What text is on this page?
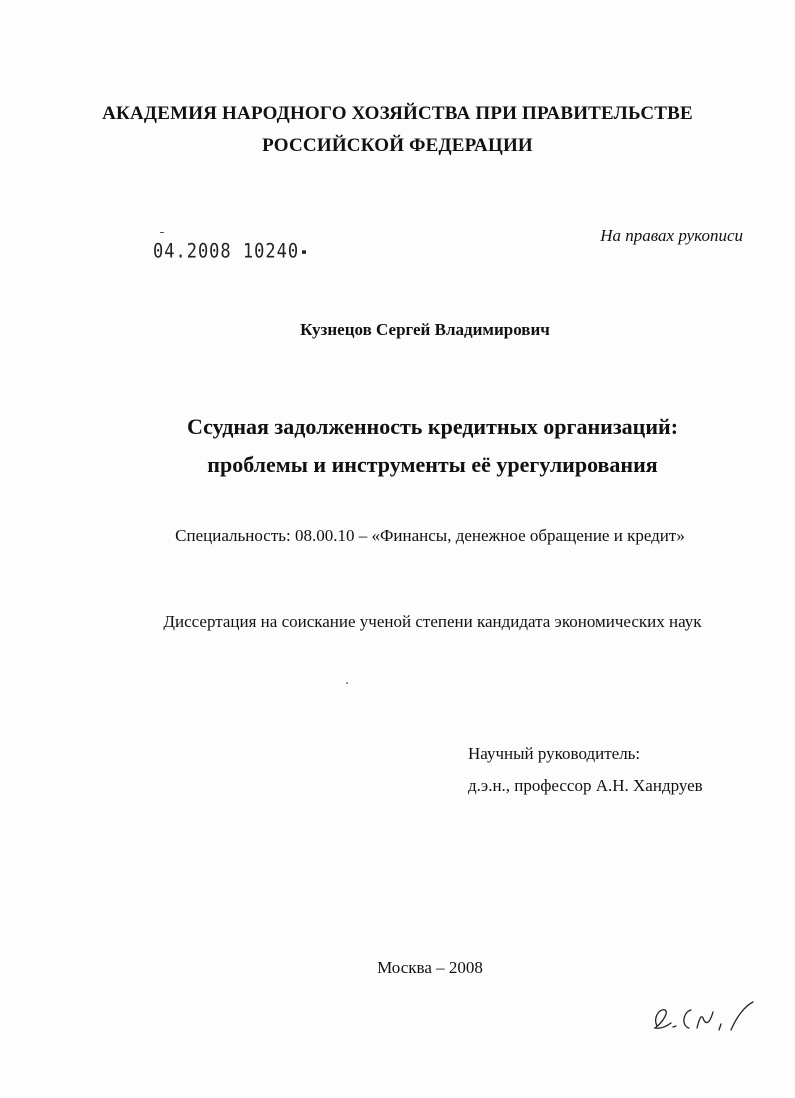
АКАДЕМИЯ НАРОДНОГО ХОЗЯЙСТВА ПРИ ПРАВИТЕЛЬСТВЕ
РОССИЙСКОЙ ФЕДЕРАЦИИ
04.2008 10240
На правах рукописи
Кузнецов Сергей Владимирович
Ссудная задолженность кредитных организаций:
проблемы и инструменты её урегулирования
Специальность: 08.00.10 – «Финансы, денежное обращение и кредит»
Диссертация на соискание ученой степени кандидата экономических наук
Научный руководитель:
д.э.н., профессор А.Н. Хандруев
Москва – 2008
